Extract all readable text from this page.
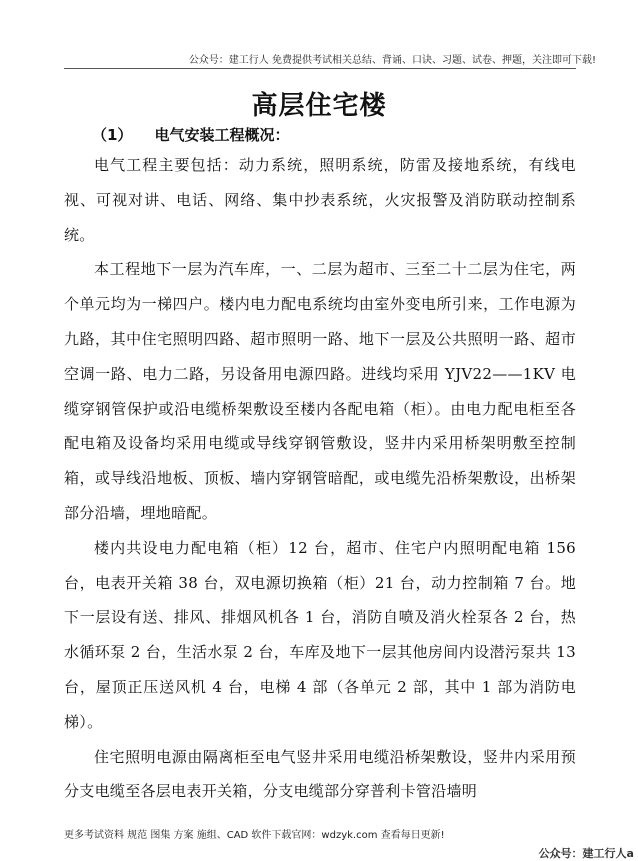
公众号：建工行人 免费提供考试相关总结、背诵、口诀、习题、试卷、押题，关注即可下载!
高层住宅楼
（1） 电气安装工程概况：

电气工程主要包括：动力系统，照明系统，防雷及接地系统，有线电视、可视对讲、电话、网络、集中抄表系统，火灾报警及消防联动控制系统。

本工程地下一层为汽车库，一、二层为超市、三至二十二层为住宅，两个单元均为一梯四户。楼内电力配电系统均由室外变电所引来，工作电源为九路，其中住宅照明四路、超市照明一路、地下一层及公共照明一路、超市空调一路、电力二路，另设备用电源四路。进线均采用 YJV22——1KV 电缆穿钢管保护或沿电缆桥架敷设至楼内各配电箱（柜）。由电力配电柜至各配电箱及设备均采用电缆或导线穿钢管敷设，竖井内采用桥架明敷至控制箱，或导线沿地板、顶板、墙内穿钢管暗配，或电缆先沿桥架敷设，出桥架部分沿墙，埋地暗配。

楼内共设电力配电箱（柜）12 台，超市、住宅户内照明配电箱 156 台，电表开关箱 38 台，双电源切换箱（柜）21 台，动力控制箱 7 台。地下一层设有送、排风、排烟风机各 1 台，消防自喷及消火栓泵各 2 台，热水循环泵 2 台，生活水泵 2 台，车库及地下一层其他房间内设潜污泵共 13 台，屋顶正压送风机 4 台，电梯 4 部（各单元 2 部，其中 1 部为消防电梯）。

住宅照明电源由隔离柜至电气竖井采用电缆沿桥架敷设，竖井内采用预分支电缆至各层电表开关箱，分支电缆部分穿普利卡管沿墙明

更多考试资料 规范 图集 方案 施组、CAD 软件下载官网：wdzyk.com 查看每日更新!
公众号：建工行人a
